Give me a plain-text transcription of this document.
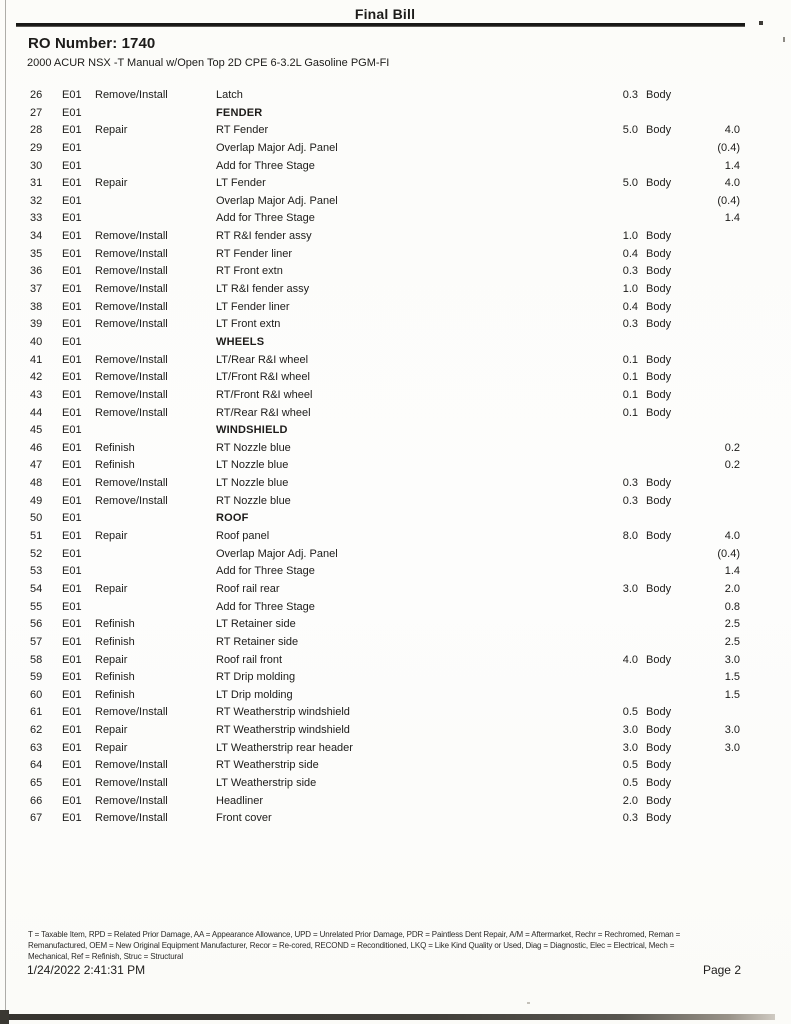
Final Bill
RO Number: 1740
2000 ACUR NSX -T Manual w/Open Top 2D CPE 6-3.2L Gasoline PGM-FI
26 E01 Remove/Install	Latch	0.3 Body
27 E01	FENDER
28 E01 Repair	RT Fender	5.0 Body	4.0
29 E01	Overlap Major Adj. Panel	(0.4)
30 E01	Add for Three Stage	1.4
31 E01 Repair	LT Fender	5.0 Body	4.0
32 E01	Overlap Major Adj. Panel	(0.4)
33 E01	Add for Three Stage	1.4
34 E01 Remove/Install	RT R&I fender assy	1.0 Body
35 E01 Remove/Install	RT Fender liner	0.4 Body
36 E01 Remove/Install	RT Front extn	0.3 Body
37 E01 Remove/Install	LT R&I fender assy	1.0 Body
38 E01 Remove/Install	LT Fender liner	0.4 Body
39 E01 Remove/Install	LT Front extn	0.3 Body
40 E01	WHEELS
41 E01 Remove/Install	LT/Rear R&I wheel	0.1 Body
42 E01 Remove/Install	LT/Front R&I wheel	0.1 Body
43 E01 Remove/Install	RT/Front R&I wheel	0.1 Body
44 E01 Remove/Install	RT/Rear R&I wheel	0.1 Body
45 E01	WINDSHIELD
46 E01 Refinish	RT Nozzle blue	0.2
47 E01 Refinish	LT Nozzle blue	0.2
48 E01 Remove/Install	LT Nozzle blue	0.3 Body
49 E01 Remove/Install	RT Nozzle blue	0.3 Body
50 E01	ROOF
51 E01 Repair	Roof panel	8.0 Body	4.0
52 E01	Overlap Major Adj. Panel	(0.4)
53 E01	Add for Three Stage	1.4
54 E01 Repair	Roof rail rear	3.0 Body	2.0
55 E01	Add for Three Stage	0.8
56 E01 Refinish	LT Retainer side	2.5
57 E01 Refinish	RT Retainer side	2.5
58 E01 Repair	Roof rail front	4.0 Body	3.0
59 E01 Refinish	RT Drip molding	1.5
60 E01 Refinish	LT Drip molding	1.5
61 E01 Remove/Install	RT Weatherstrip windshield	0.5 Body
62 E01 Repair	RT Weatherstrip windshield	3.0 Body	3.0
63 E01 Repair	LT Weatherstrip rear header	3.0 Body	3.0
64 E01 Remove/Install	RT Weatherstrip side	0.5 Body
65 E01 Remove/Install	LT Weatherstrip side	0.5 Body
66 E01 Remove/Install	Headliner	2.0 Body
67 E01 Remove/Install	Front cover	0.3 Body
T = Taxable Item, RPD = Related Prior Damage, AA = Appearance Allowance, UPD = Unrelated Prior Damage, PDR = Paintless Dent Repair, A/M = Aftermarket, Rechr = Rechromed, Reman = Remanufactured, OEM = New Original Equipment Manufacturer, Recor = Re-cored, RECOND = Reconditioned, LKQ = Like Kind Quality or Used, Diag = Diagnostic, Elec = Electrical, Mech = Mechanical, Ref = Refinish, Struc = Structural
1/24/2022 2:41:31 PM	Page 2
